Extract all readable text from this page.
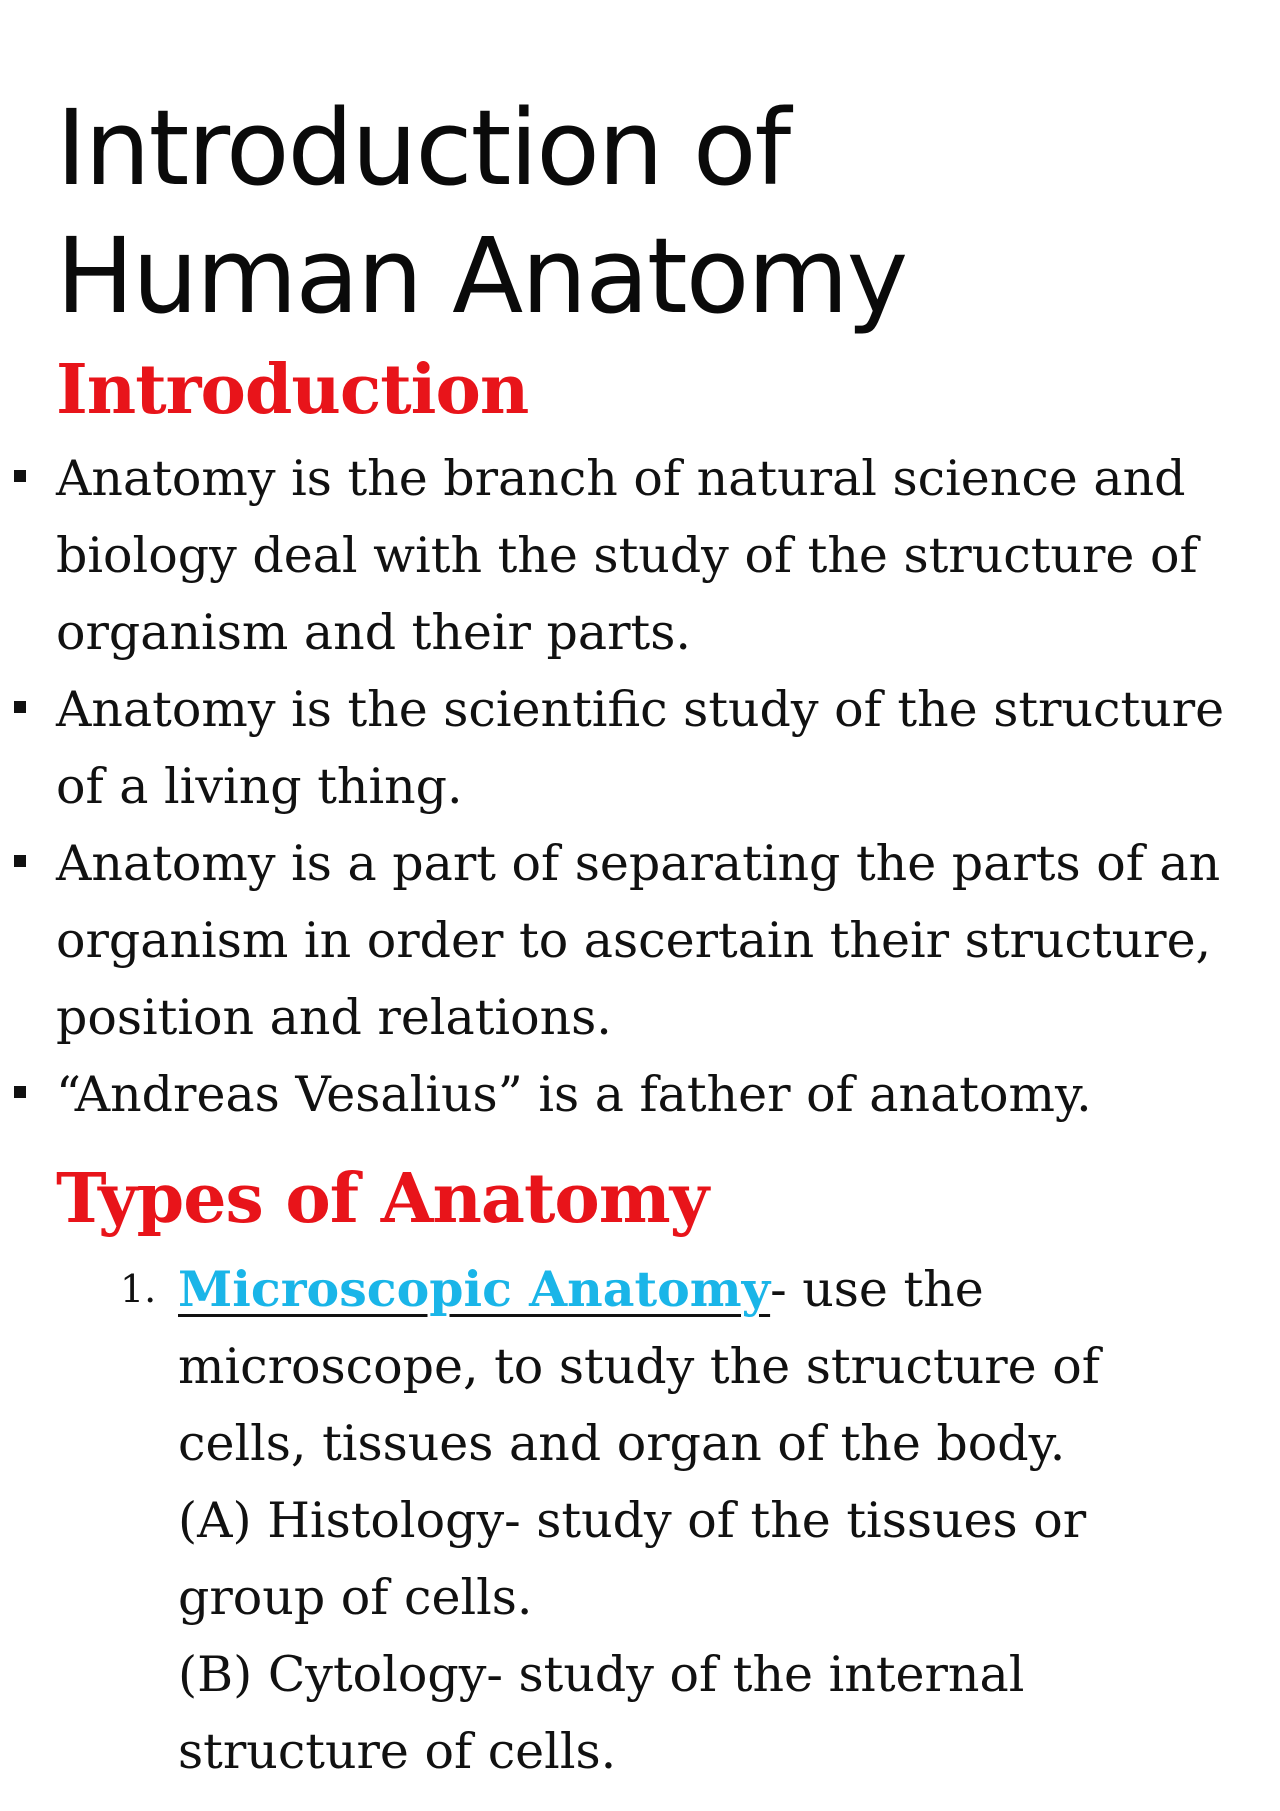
Introduction of
Human Anatomy
Introduction
Anatomy is the branch of natural science and biology deal with the study of the structure of organism and their parts.
Anatomy is the scientific study of the structure of a living thing.
Anatomy is a part of separating the parts of an organism in order to ascertain their structure, position and relations.
“Andreas Vesalius” is a father of anatomy.
Types of Anatomy
1. Microscopic Anatomy- use the microscope, to study the structure of cells, tissues and organ of the body.
(A) Histology- study of the tissues or group of cells.
(B) Cytology- study of the internal structure of cells.
